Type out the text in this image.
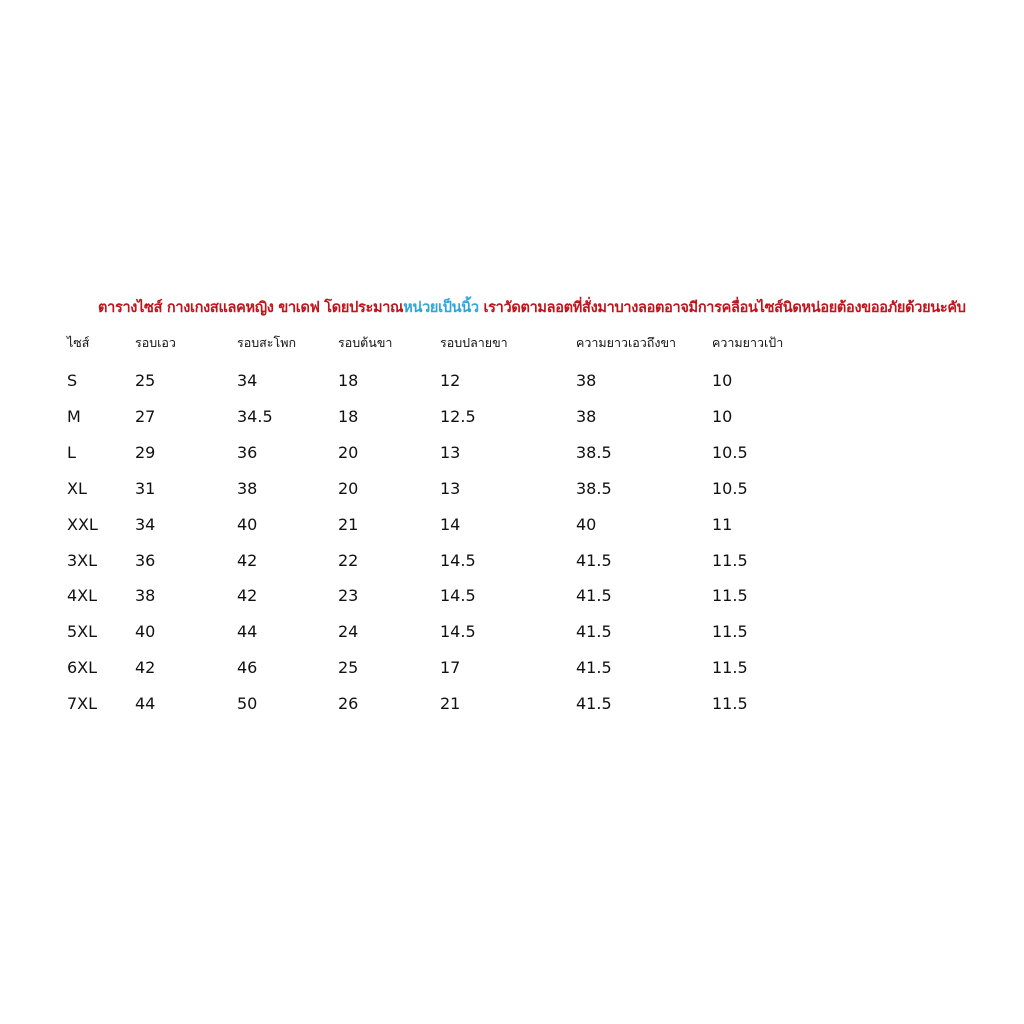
ตารางไซส์ กางเกงสแลคหญิง ขาเดฟ โดยประมาณหน่วยเป็นนิ้ว เราวัดตามลอตที่สั่งมาบางลอตอาจมีการคลื่อนไซส์นิดหน่อยต้องขออภัยด้วยนะคับ
ไซส์	รอบเอว	รอบสะโพก	รอบต้นขา	รอบปลายขา	ความยาวเอวถึงขา	ความยาวเป้า
S	25	34	18	12	38	10
M	27	34.5	18	12.5	38	10
L	29	36	20	13	38.5	10.5
XL	31	38	20	13	38.5	10.5
XXL 34	40	21	14	40	11
3XL 36	42	22	14.5	41.5	11.5
4XL 38	42	23	14.5	41.5	11.5
5XL 40	44	24	14.5	41.5	11.5
6XL 42	46	25	17	41.5	11.5
7XL 44	50	26	21	41.5	11.5
